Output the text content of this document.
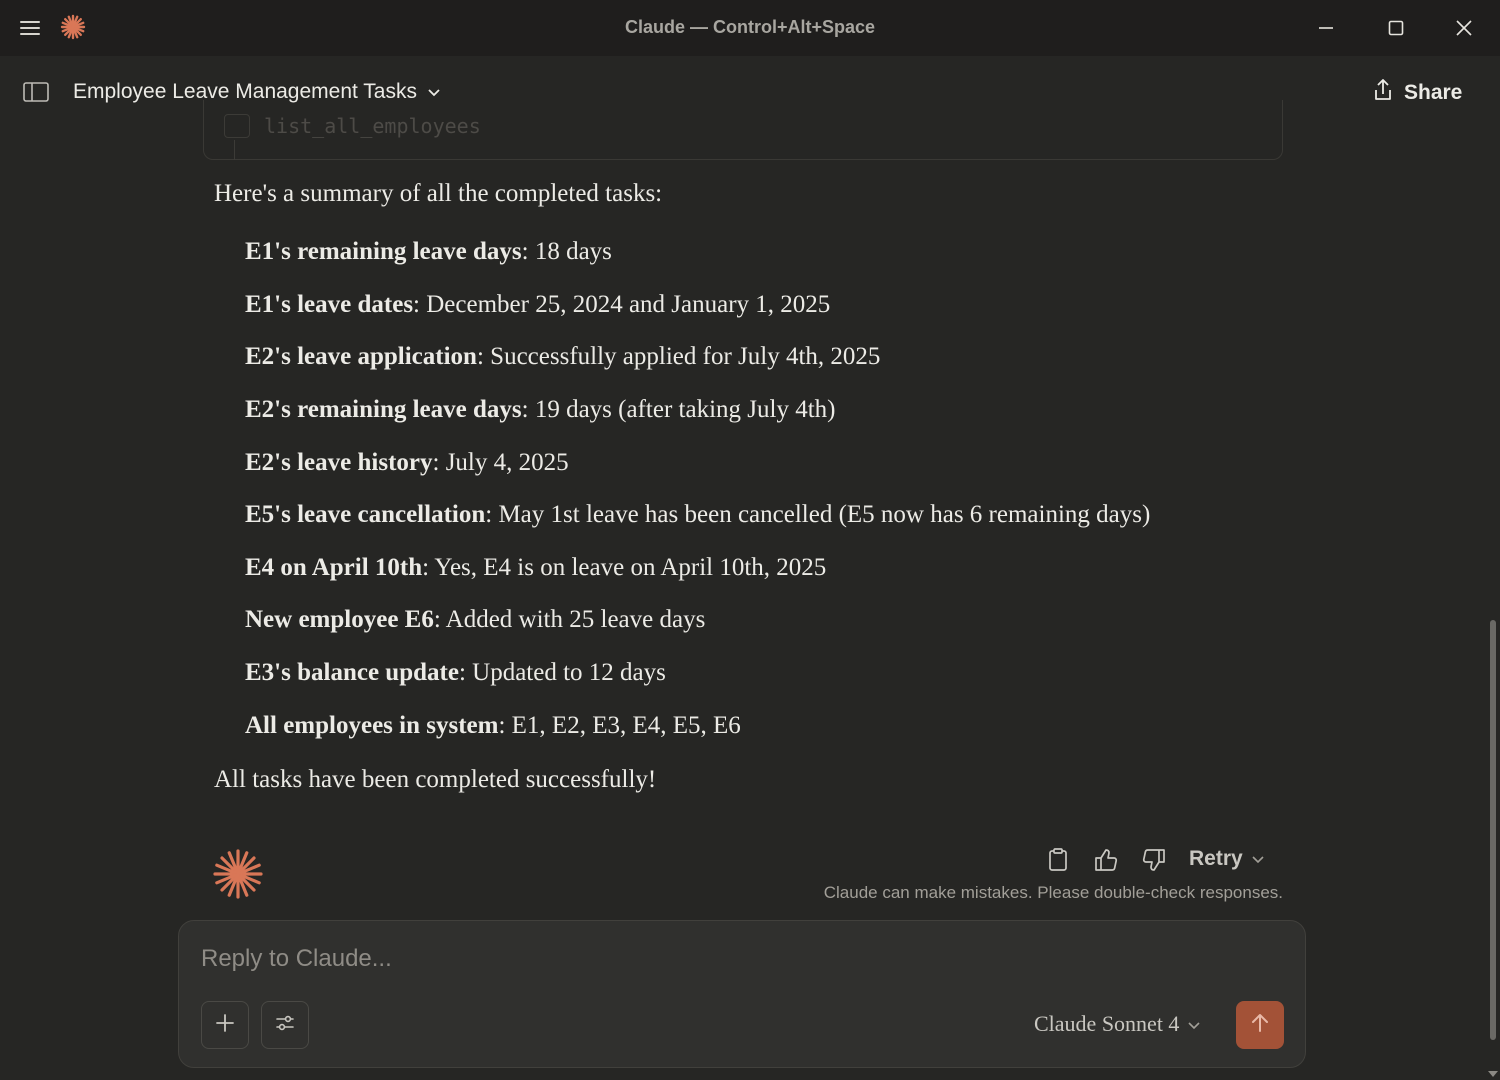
Claude — Control+Alt+Space
list_all_employees
Employee Leave Management Tasks	Share
Here's a summary of all the completed tasks:
E1's remaining leave days: 18 days
E1's leave dates: December 25, 2024 and January 1, 2025
E2's leave application: Successfully applied for July 4th, 2025
E2's remaining leave days: 19 days (after taking July 4th)
E2's leave history: July 4, 2025
E5's leave cancellation: May 1st leave has been cancelled (E5 now has 6 remaining days)
E4 on April 10th: Yes, E4 is on leave on April 10th, 2025
New employee E6: Added with 25 leave days
E3's balance update: Updated to 12 days
All employees in system: E1, E2, E3, E4, E5, E6
All tasks have been completed successfully!
Retry
Claude can make mistakes. Please double-check responses.
Reply to Claude...
Claude Sonnet 4
